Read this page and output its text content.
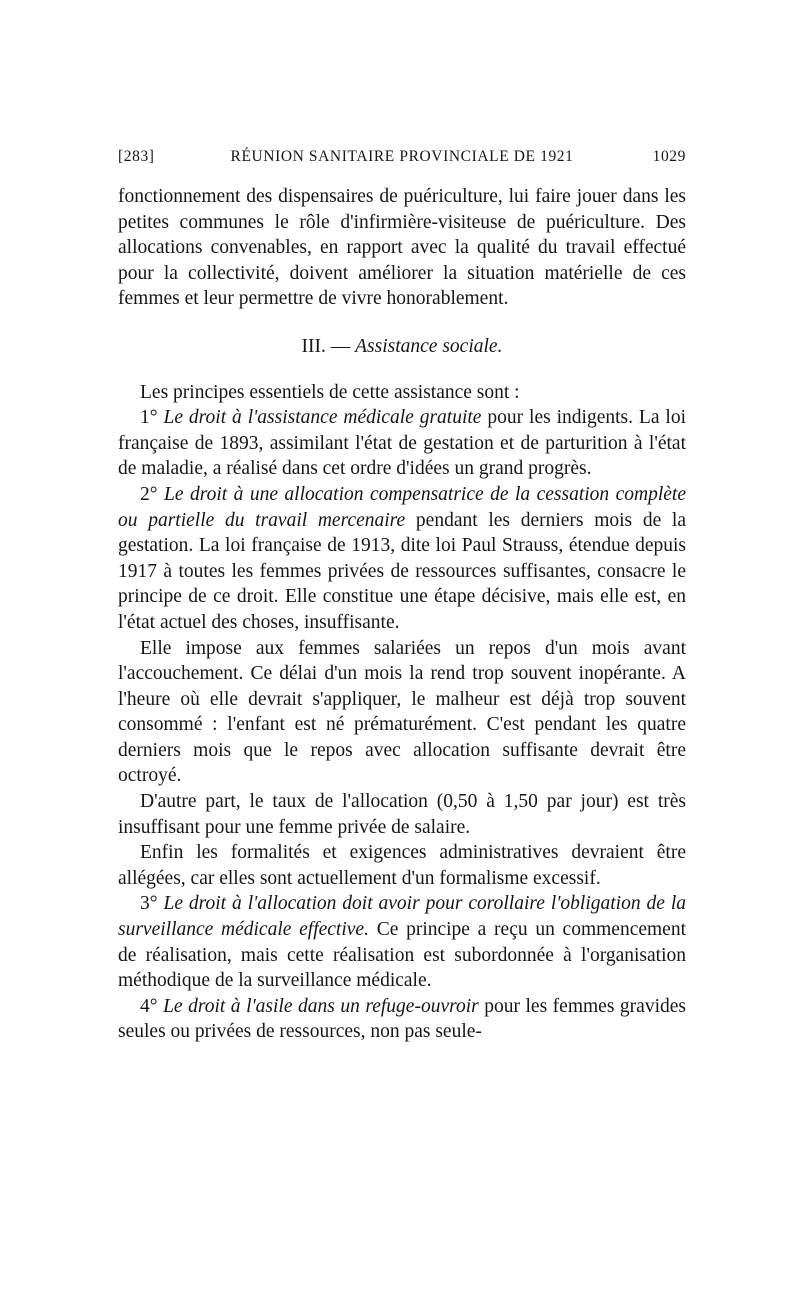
[283]	RÉUNION SANITAIRE PROVINCIALE DE 1921	1029

fonctionnement des dispensaires de puériculture, lui faire jouer dans les petites communes le rôle d'infirmière-visiteuse de puériculture. Des allocations convenables, en rapport avec la qualité du travail effectué pour la collectivité, doivent améliorer la situation matérielle de ces femmes et leur permettre de vivre honorablement.

III. — Assistance sociale.

Les principes essentiels de cette assistance sont :

1° Le droit à l'assistance médicale gratuite pour les indigents. La loi française de 1893, assimilant l'état de gestation et de parturition à l'état de maladie, a réalisé dans cet ordre d'idées un grand progrès.

2° Le droit à une allocation compensatrice de la cessation complète ou partielle du travail mercenaire pendant les derniers mois de la gestation. La loi française de 1913, dite loi Paul Strauss, étendue depuis 1917 à toutes les femmes privées de ressources suffisantes, consacre le principe de ce droit. Elle constitue une étape décisive, mais elle est, en l'état actuel des choses, insuffisante.

Elle impose aux femmes salariées un repos d'un mois avant l'accouchement. Ce délai d'un mois la rend trop souvent inopérante. A l'heure où elle devrait s'appliquer, le malheur est déjà trop souvent consommé : l'enfant est né prématurément. C'est pendant les quatre derniers mois que le repos avec allocation suffisante devrait être octroyé.

D'autre part, le taux de l'allocation (0,50 à 1,50 par jour) est très insuffisant pour une femme privée de salaire.

Enfin les formalités et exigences administratives devraient être allégées, car elles sont actuellement d'un formalisme excessif.

3° Le droit à l'allocation doit avoir pour corollaire l'obligation de la surveillance médicale effective. Ce principe a reçu un commencement de réalisation, mais cette réalisation est subordonnée à l'organisation méthodique de la surveillance médicale.

4° Le droit à l'asile dans un refuge-ouvroir pour les femmes gravides seules ou privées de ressources, non pas seule-
